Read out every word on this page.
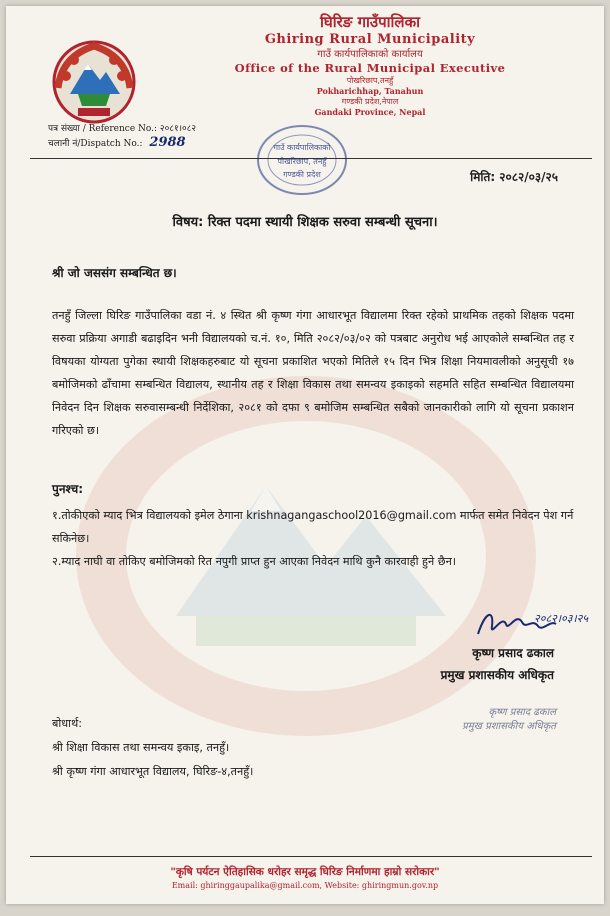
घिरिङ गाउँपालिका
Ghiring Rural Municipality
गाउँ कार्यपालिकाको कार्यालय
Office of the Rural Municipal Executive
पोखरिछाप,तनहुँ
Pokharichhap, Tanahun
गण्डकी प्रदेश,नेपाल
Gandaki Province, Nepal
पत्र संख्या / Reference No.: २०८१।०८२
चलानी नं/Dispatch No.: 2988	गाउँ कार्यपालिकाको
पोखरिछाप, तनहुँ
गण्डकी प्रदेश	मिति: २०८२/०३/२५
विषय: रिक्त पदमा स्थायी शिक्षक सरुवा सम्बन्धी सूचना।
श्री जो जससंग सम्बन्धित छ।
तनहुँ जिल्ला घिरिङ गाउँपालिका वडा नं. ४ स्थित श्री कृष्ण गंगा आधारभूत विद्यालमा रिक्त रहेको प्राथमिक तहको शिक्षक पदमा सरुवा प्रक्रिया अगाडी बढाइदिन भनी विद्यालयको च.नं. १०, मिति २०८२/०३/०२ को पत्रबाट अनुरोध भई आएकोले सम्बन्धित तह र विषयका योग्यता पुगेका स्थायी शिक्षकहरुबाट यो सूचना प्रकाशित भएको मितिले १५ दिन भित्र शिक्षा नियमावलीको अनुसूची १७ बमोजिमको ढाँचामा सम्बन्धित विद्यालय, स्थानीय तह र शिक्षा विकास तथा समन्वय इकाइको सहमति सहित सम्बन्धित विद्यालयमा निवेदन दिन शिक्षक सरुवासम्बन्धी निर्देशिका, २०८१ को दफा ९ बमोजिम सम्बन्धित सबैको जानकारीको लागि यो सूचना प्रकाशन गरिएको छ।
पुनश्च:
१.तोकीएको म्याद भित्र विद्यालयको इमेल ठेगाना krishnagangaschool2016@gmail.com मार्फत समेत निवेदन पेश गर्न सकिनेछ।
२.म्याद नाघी वा तोकिए बमोजिमको रित नपुगी प्राप्त हुन आएका निवेदन माथि कुनै कारवाही हुने छैन।
२०८२।०३।२५
कृष्ण प्रसाद ढकाल
प्रमुख प्रशासकीय अधिकृत
कृष्ण प्रसाद ढकाल
प्रमुख प्रशासकीय अधिकृत
बोधार्थ:
श्री शिक्षा विकास तथा समन्वय इकाइ, तनहुँ।
श्री कृष्ण गंगा आधारभूत विद्यालय, घिरिङ-४,तनहुँ।
"कृषि पर्यटन ऐतिहासिक धरोहर समृद्ध घिरिङ निर्माणमा हाम्रो सरोकार"
Email: ghiringgaupalika@gmail.com, Website: ghiringmun.gov.np
